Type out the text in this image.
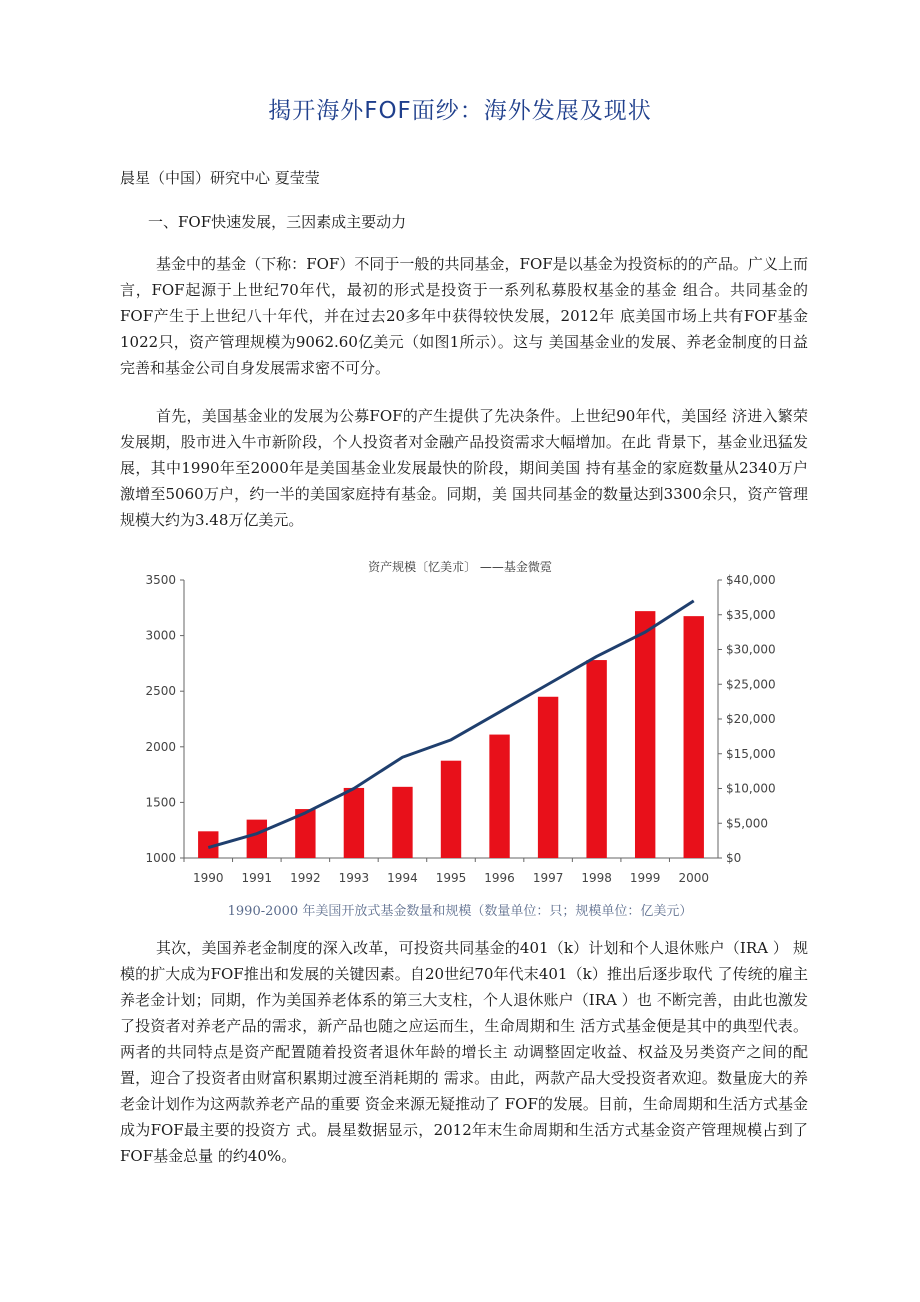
揭开海外FOF面纱：海外发展及现状
晨星（中国）研究中心 夏莹莹
一、FOF快速发展，三因素成主要动力

基金中的基金（下称：FOF）不同于一般的共同基金，FOF是以基金为投资标的的产品。广义上而言，FOF起源于上世纪70年代，最初的形式是投资于一系列私募股权基金的基金 组合。共同基金的FOF产生于上世纪八十年代，并在过去20多年中获得较快发展，2012年 底美国市场上共有FOF基金1022只，资产管理规模为9062.60亿美元（如图1所示）。这与 美国基金业的发展、养老金制度的日益完善和基金公司自身发展需求密不可分。

首先，美国基金业的发展为公募FOF的产生提供了先决条件。上世纪90年代，美国经 济进入繁荣发展期，股市进入牛市新阶段，个人投资者对金融产品投资需求大幅增加。在此 背景下，基金业迅猛发展，其中1990年至2000年是美国基金业发展最快的阶段，期间美国 持有基金的家庭数量从2340万户激增至5060万户，约一半的美国家庭持有基金。同期，美 国共同基金的数量达到3300余只，资产管理规模大约为3.48万亿美元。

资产规模〔忆美朮〕 ——基金微霓
3500
3000
2500
2000
1500
1000
$40,000
$35,000
$30,000
$25,000
$20,000
$15,000
$10,000
$5,000
$0
1990 1991 1992 1993 1994 1995 1996 1997 1998 1999 2000
1990-2000 年美国开放式基金数量和规模（数量单位：只；规模单位：亿美元）

其次，美国养老金制度的深入改革，可投资共同基金的401（k）计划和个人退休账户（IRA ） 规模的扩大成为FOF推出和发展的关键因素。自20世纪70年代末401（k）推出后逐步取代 了传统的雇主养老金计划；同期，作为美国养老体系的第三大支柱，个人退休账户（IRA ）也 不断完善，由此也激发了投资者对养老产品的需求，新产品也随之应运而生，生命周期和生 活方式基金便是其中的典型代表。两者的共同特点是资产配置随着投资者退休年龄的增长主 动调整固定收益、权益及另类资产之间的配置，迎合了投资者由财富积累期过渡至消耗期的 需求。由此，两款产品大受投资者欢迎。数量庞大的养老金计划作为这两款养老产品的重要 资金来源无疑推动了 FOF的发展。目前，生命周期和生活方式基金成为FOF最主要的投资方 式。晨星数据显示，2012年末生命周期和生活方式基金资产管理规模占到了 FOF基金总量 的约40%。
